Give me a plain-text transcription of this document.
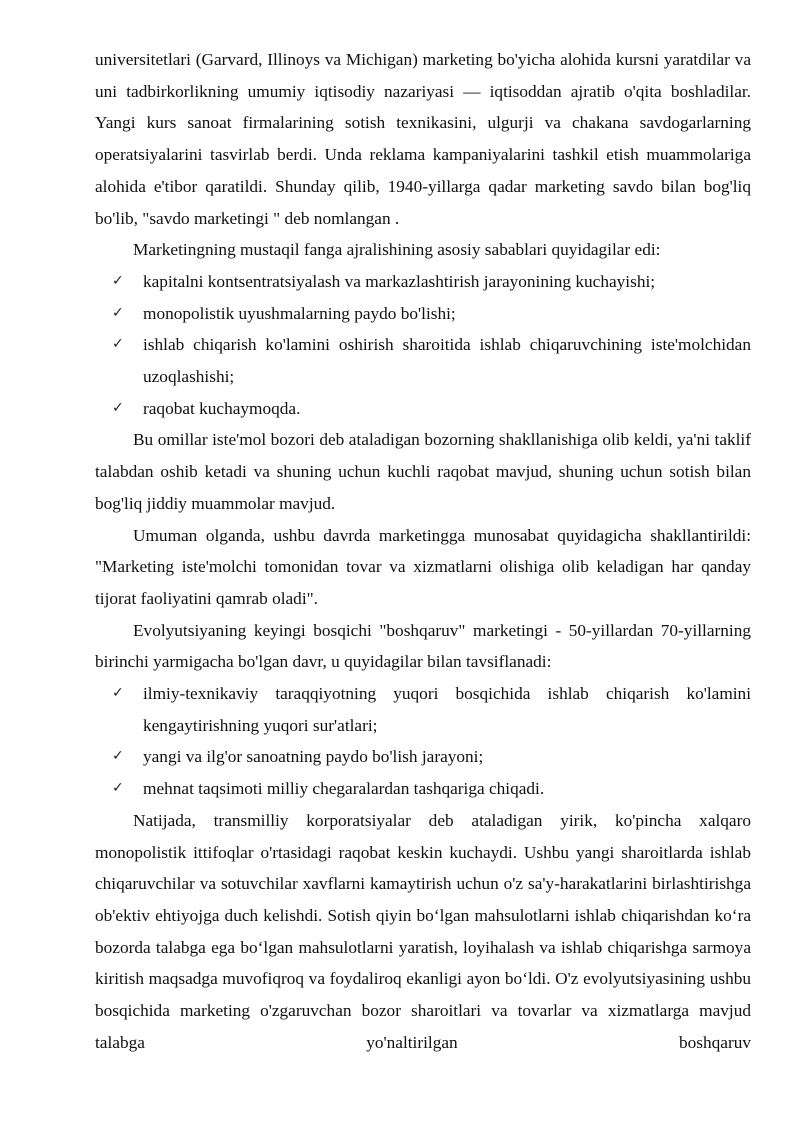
universitetlari (Garvard, Illinoys va Michigan) marketing bo'yicha alohida kursni yaratdilar va uni tadbirkorlikning umumiy iqtisodiy nazariyasi — iqtisoddan ajratib o'qita boshladilar. Yangi kurs sanoat firmalarining sotish texnikasini, ulgurji va chakana savdogarlarning operatsiyalarini tasvirlab berdi. Unda reklama kampaniyalarini tashkil etish muammolariga alohida e'tibor qaratildi. Shunday qilib, 1940-yillarga qadar marketing savdo bilan bog'liq bo'lib, "savdo marketingi " deb nomlangan .

Marketingning mustaqil fanga ajralishining asosiy sabablari quyidagilar edi:

✓ kapitalni kontsentratsiyalash va markazlashtirish jarayonining kuchayishi;
✓ monopolistik uyushmalarning paydo bo'lishi;
✓ ishlab chiqarish ko'lamini oshirish sharoitida ishlab chiqaruvchining iste'molchidan uzoqlashishi;
✓ raqobat kuchaymoqda.

Bu omillar iste'mol bozori deb ataladigan bozorning shakllanishiga olib keldi, ya'ni taklif talabdan oshib ketadi va shuning uchun kuchli raqobat mavjud, shuning uchun sotish bilan bog'liq jiddiy muammolar mavjud.

Umuman olganda, ushbu davrda marketingga munosabat quyidagicha shakllantirildi: "Marketing iste'molchi tomonidan tovar va xizmatlarni olishiga olib keladigan har qanday tijorat faoliyatini qamrab oladi".

Evolyutsiyaning keyingi bosqichi "boshqaruv" marketingi - 50-yillardan 70-yillarning birinchi yarmigacha bo'lgan davr, u quyidagilar bilan tavsiflanadi:

✓ ilmiy-texnikaviy taraqqiyotning yuqori bosqichida ishlab chiqarish ko'lamini kengaytirishning yuqori sur'atlari;
✓ yangi va ilg'or sanoatning paydo bo'lish jarayoni;
✓ mehnat taqsimoti milliy chegaralardan tashqariga chiqadi.

Natijada, transmilliy korporatsiyalar deb ataladigan yirik, ko'pincha xalqaro monopolistik ittifoqlar o'rtasidagi raqobat keskin kuchaydi. Ushbu yangi sharoitlarda ishlab chiqaruvchilar va sotuvchilar xavflarni kamaytirish uchun o'z sa'y-harakatlarini birlashtirishga ob'ektiv ehtiyojga duch kelishdi. Sotish qiyin bo‘lgan mahsulotlarni ishlab chiqarishdan ko‘ra bozorda talabga ega bo‘lgan mahsulotlarni yaratish, loyihalash va ishlab chiqarishga sarmoya kiritish maqsadga muvofiqroq va foydaliroq ekanligi ayon bo‘ldi. O'z evolyutsiyasining ushbu bosqichida marketing o'zgaruvchan bozor sharoitlari va tovarlar va xizmatlarga mavjud talabga yo'naltirilgan boshqaruv
